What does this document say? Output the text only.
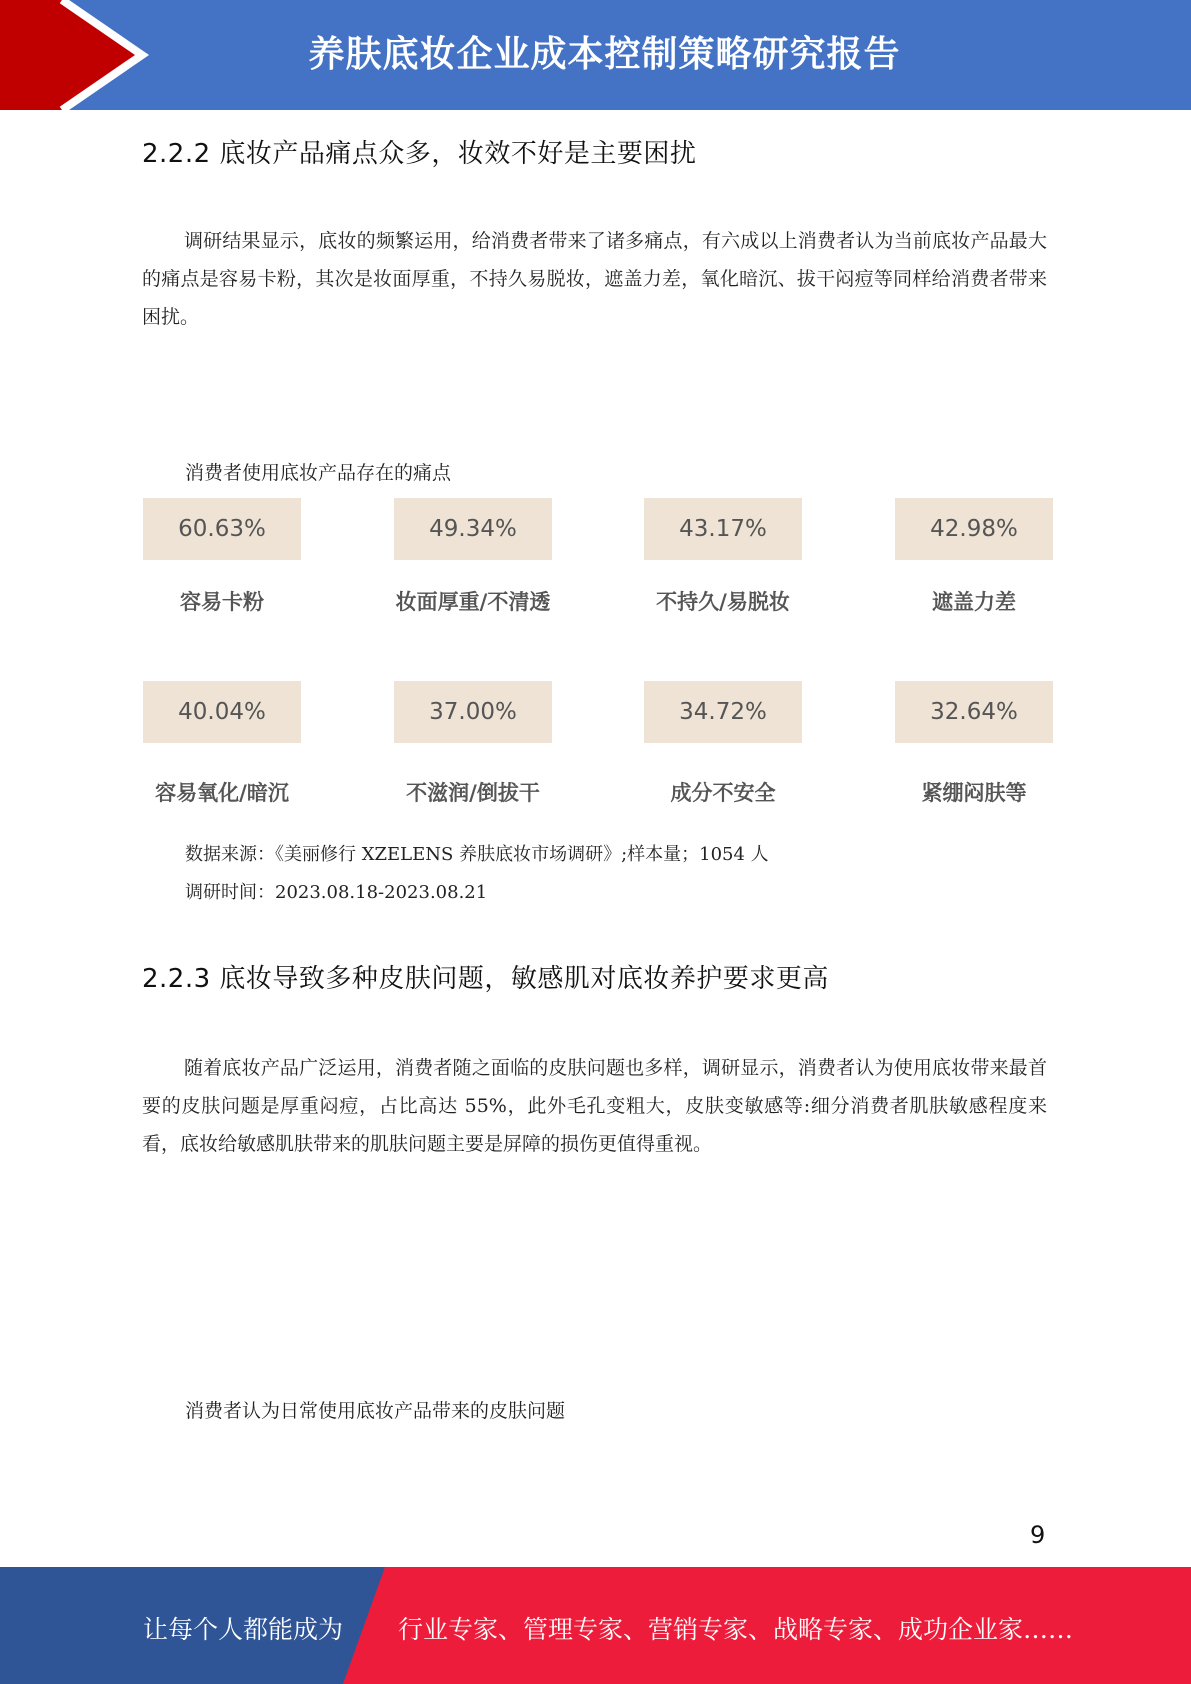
养肤底妆企业成本控制策略研究报告
2.2.2 底妆产品痛点众多，妆效不好是主要困扰
调研结果显示，底妆的频繁运用，给消费者带来了诸多痛点，有六成以上消费者认为当前底妆产品最大的痛点是容易卡粉，其次是妆面厚重，不持久易脱妆，遮盖力差，氧化暗沉、拔干闷痘等同样给消费者带来困扰。
消费者使用底妆产品存在的痛点
60.63%
容易卡粉
49.34%
妆面厚重/不清透
43.17%
不持久/易脱妆
42.98%
遮盖力差
40.04%
容易氧化/暗沉
37.00%
不滋润/倒拔干
34.72%
成分不安全
32.64%
紧绷闷肤等
数据来源：《美丽修行 XZELENS 养肤底妆市场调研》;样本量；1054 人
调研时间：2023.08.18-2023.08.21
2.2.3 底妆导致多种皮肤问题，敏感肌对底妆养护要求更高
随着底妆产品广泛运用，消费者随之面临的皮肤问题也多样，调研显示，消费者认为使用底妆带来最首要的皮肤问题是厚重闷痘，占比高达 55%，此外毛孔变粗大，皮肤变敏感等:细分消费者肌肤敏感程度来看，底妆给敏感肌肤带来的肌肤问题主要是屏障的损伤更值得重视。
消费者认为日常使用底妆产品带来的皮肤问题
9
让每个人都能成为 行业专家、管理专家、营销专家、战略专家、成功企业家……
